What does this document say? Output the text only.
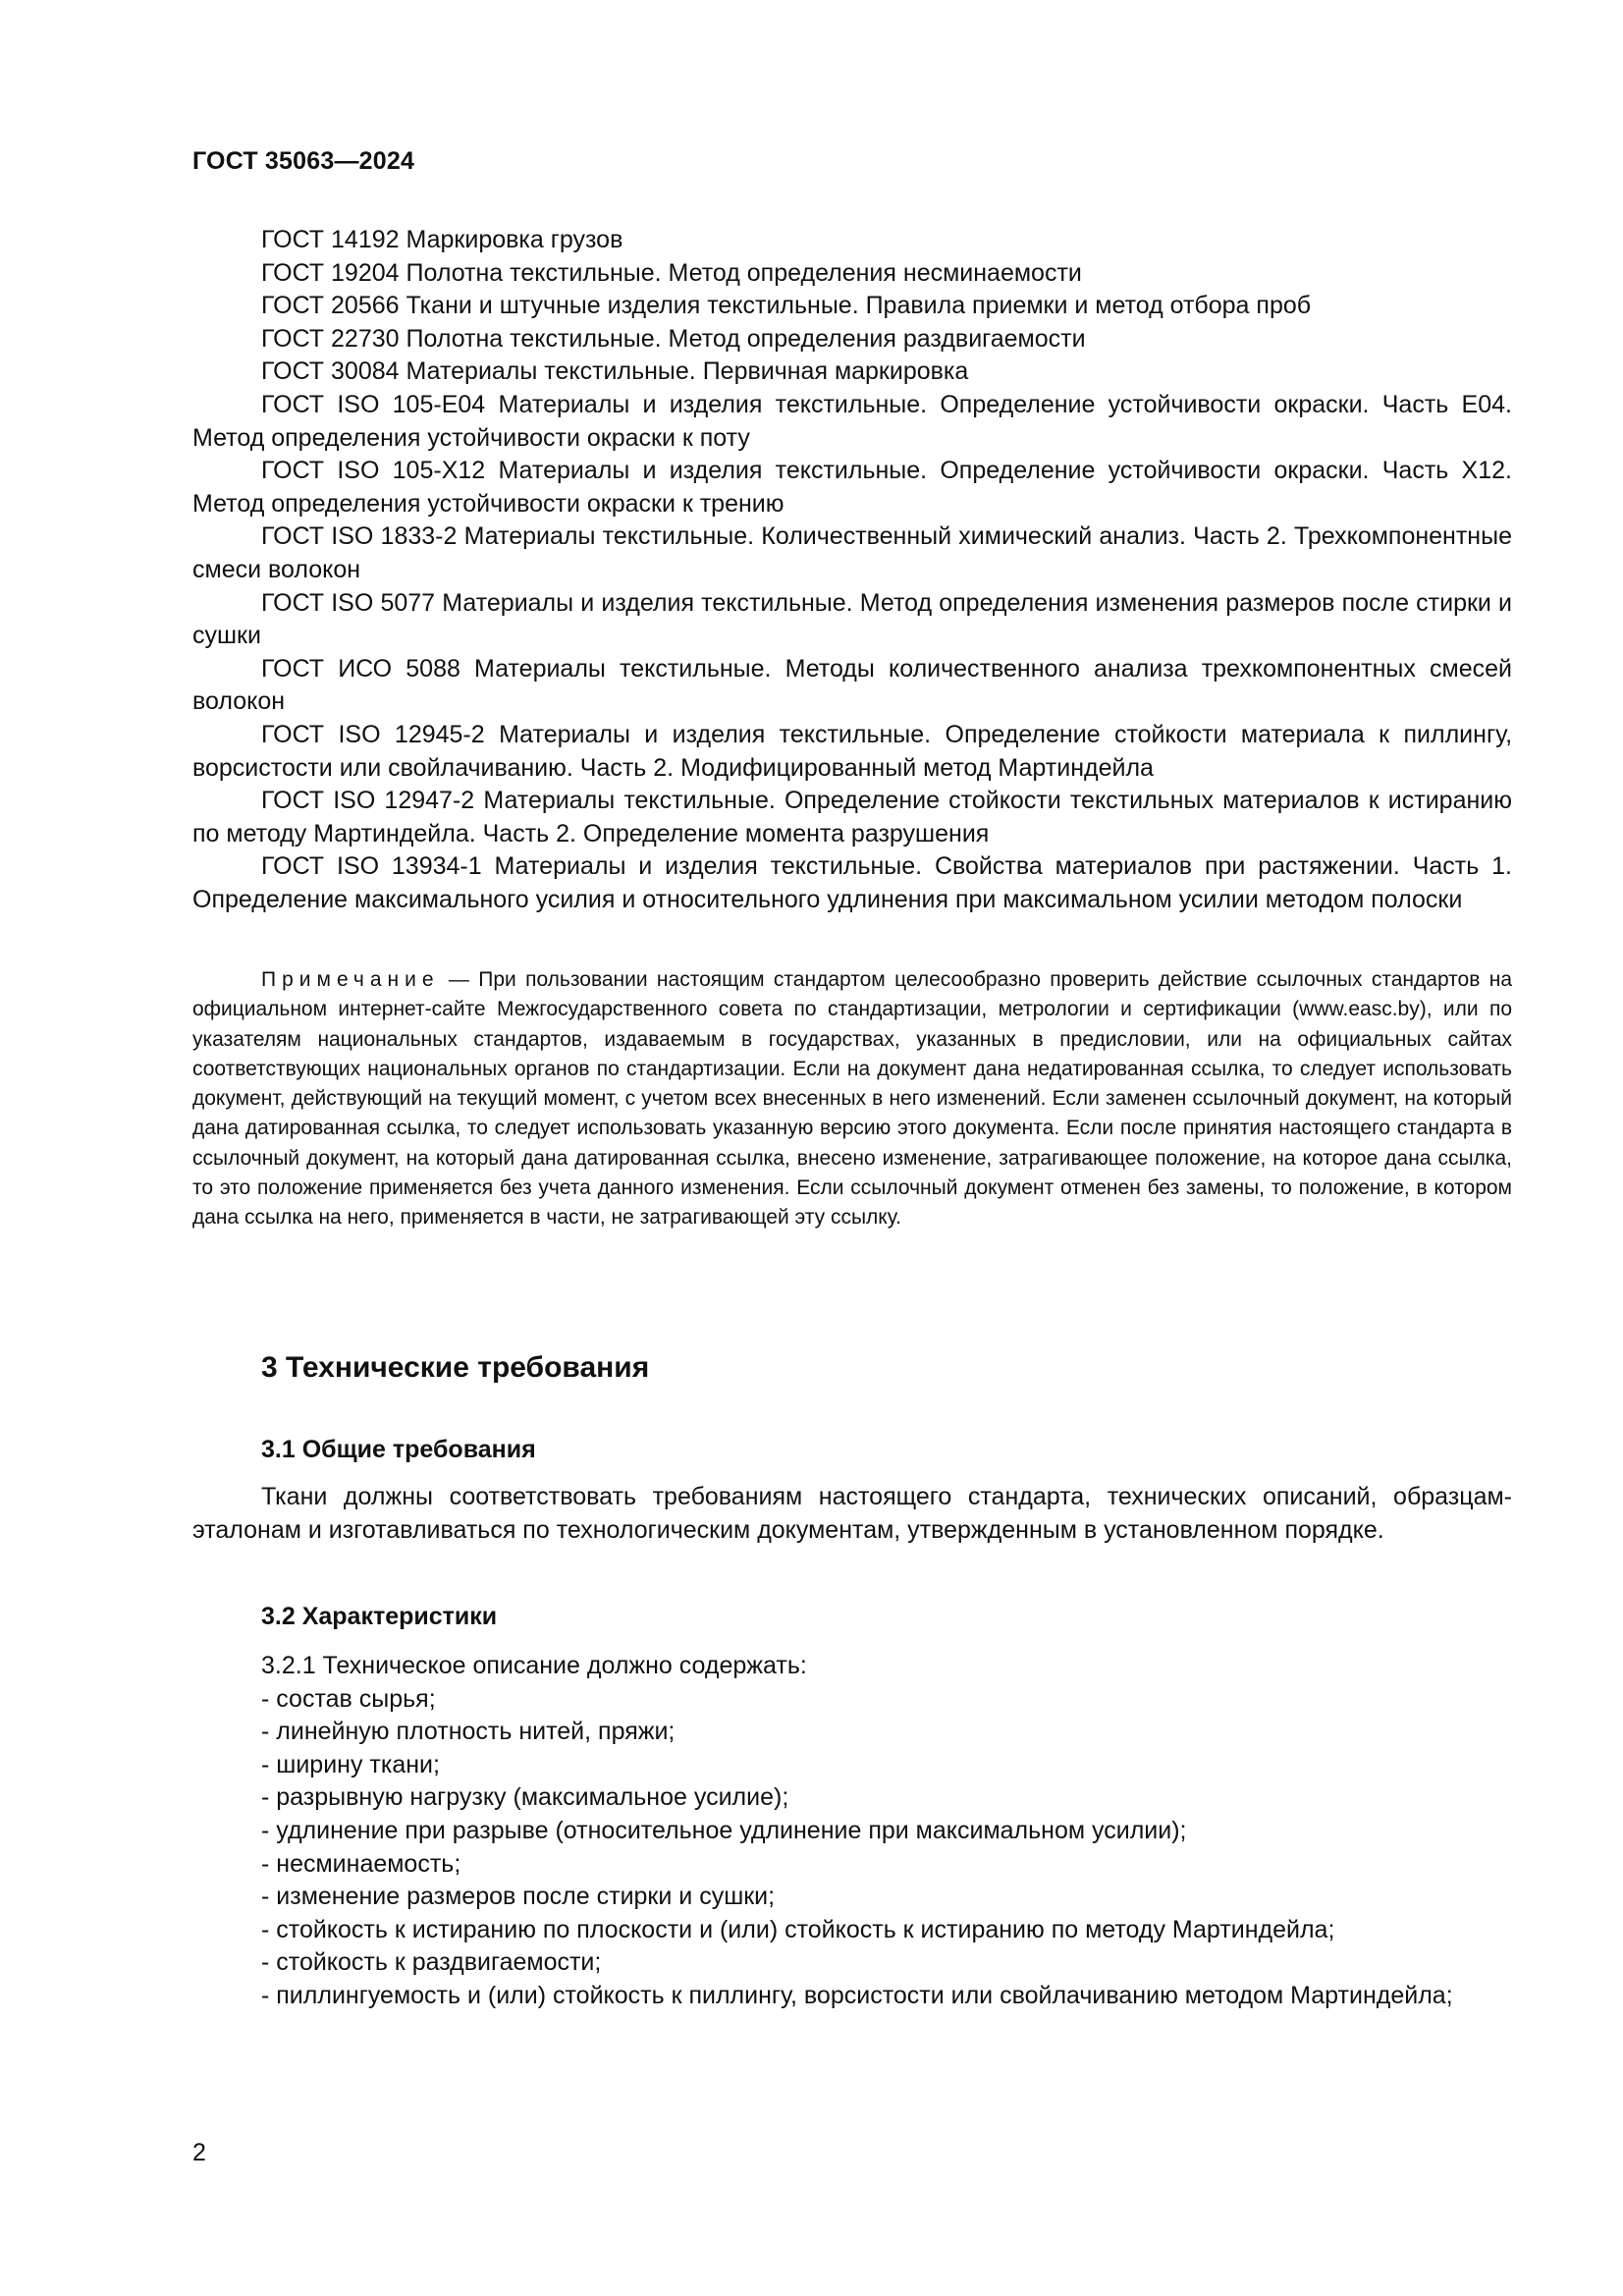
ГОСТ 35063—2024

ГОСТ 14192 Маркировка грузов

ГОСТ 19204 Полотна текстильные. Метод определения несминаемости

ГОСТ 20566 Ткани и штучные изделия текстильные. Правила приемки и метод отбора проб

ГОСТ 22730 Полотна текстильные. Метод определения раздвигаемости

ГОСТ 30084 Материалы текстильные. Первичная маркировка

ГОСТ ISO 105-E04 Материалы и изделия текстильные. Определение устойчивости окраски. Часть Е04. Метод определения устойчивости окраски к поту

ГОСТ ISO 105-X12 Материалы и изделия текстильные. Определение устойчивости окраски. Часть X12. Метод определения устойчивости окраски к трению

ГОСТ ISO 1833-2 Материалы текстильные. Количественный химический анализ. Часть 2. Трехкомпонентные смеси волокон

ГОСТ ISO 5077 Материалы и изделия текстильные. Метод определения изменения размеров после стирки и сушки

ГОСТ ИСО 5088 Материалы текстильные. Методы количественного анализа трехкомпонентных смесей волокон

ГОСТ ISO 12945-2 Материалы и изделия текстильные. Определение стойкости материала к пиллингу, ворсистости или свойлачиванию. Часть 2. Модифицированный метод Мартиндейла

ГОСТ ISO 12947-2 Материалы текстильные. Определение стойкости текстильных материалов к истиранию по методу Мартиндейла. Часть 2. Определение момента разрушения

ГОСТ ISO 13934-1 Материалы и изделия текстильные. Свойства материалов при растяжении. Часть 1. Определение максимального усилия и относительного удлинения при максимальном усилии методом полоски

Примечание — При пользовании настоящим стандартом целесообразно проверить действие ссылочных стандартов на официальном интернет-сайте Межгосударственного совета по стандартизации, метрологии и сертификации (www.easc.by), или по указателям национальных стандартов, издаваемым в государствах, указанных в предисловии, или на официальных сайтах соответствующих национальных органов по стандартизации. Если на документ дана недатированная ссылка, то следует использовать документ, действующий на текущий момент, с учетом всех внесенных в него изменений. Если заменен ссылочный документ, на который дана датированная ссылка, то следует использовать указанную версию этого документа. Если после принятия настоящего стандарта в ссылочный документ, на который дана датированная ссылка, внесено изменение, затрагивающее положение, на которое дана ссылка, то это положение применяется без учета данного изменения. Если ссылочный документ отменен без замены, то положение, в котором дана ссылка на него, применяется в части, не затрагивающей эту ссылку.

3 Технические требования
3.1 Общие требования

Ткани должны соответствовать требованиям настоящего стандарта, технических описаний, образцам-эталонам и изготавливаться по технологическим документам, утвержденным в установленном порядке.

3.2 Характеристики

3.2.1 Техническое описание должно содержать:

- состав сырья;

- линейную плотность нитей, пряжи;

- ширину ткани;

- разрывную нагрузку (максимальное усилие);

- удлинение при разрыве (относительное удлинение при максимальном усилии);

- несминаемость;

- изменение размеров после стирки и сушки;

- стойкость к истиранию по плоскости и (или) стойкость к истиранию по методу Мартиндейла;

- стойкость к раздвигаемости;

- пиллингуемость и (или) стойкость к пиллингу, ворсистости или свойлачиванию методом Мартиндейла;

2
